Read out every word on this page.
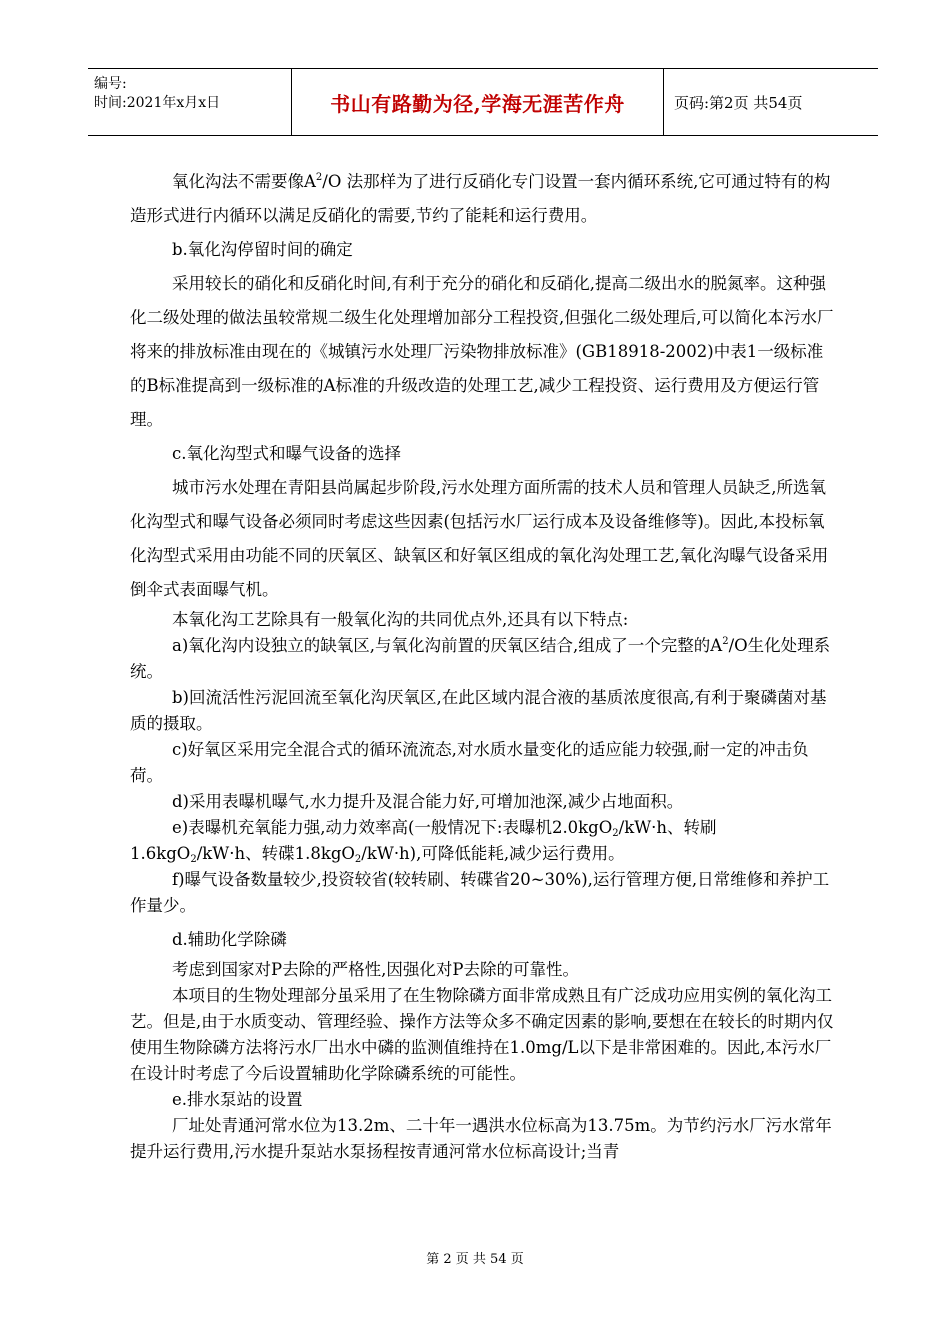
编号:
时间:2021年x月x日	书山有路勤为径,学海无涯苦作舟	页码:第2页 共54页

氧化沟法不需要像$A^2/O$ 法那样为了进行反硝化专门设置一套内循环系统,它可通过特有的构造形式进行内循环以满足反硝化的需要,节约了能耗和运行费用。

b.氧化沟停留时间的确定

采用较长的硝化和反硝化时间,有利于充分的硝化和反硝化,提高二级出水的脱氮率。这种强化二级处理的做法虽较常规二级生化处理增加部分工程投资,但强化二级处理后,可以简化本污水厂将来的排放标准由现在的《城镇污水处理厂污染物排放标准》(GB18918-2002)中表1一级标准的B标准提高到一级标准的A标准的升级改造的处理工艺,减少工程投资、运行费用及方便运行管理。

c.氧化沟型式和曝气设备的选择

城市污水处理在青阳县尚属起步阶段,污水处理方面所需的技术人员和管理人员缺乏,所选氧化沟型式和曝气设备必须同时考虑这些因素(包括污水厂运行成本及设备维修等)。因此,本投标氧化沟型式采用由功能不同的厌氧区、缺氧区和好氧区组成的氧化沟处理工艺,氧化沟曝气设备采用倒伞式表面曝气机。

本氧化沟工艺除具有一般氧化沟的共同优点外,还具有以下特点:

a)氧化沟内设独立的缺氧区,与氧化沟前置的厌氧区结合,组成了一个完整的$A^2/O$生化处理系统。

b)回流活性污泥回流至氧化沟厌氧区,在此区域内混合液的基质浓度很高,有利于聚磷菌对基质的摄取。

c)好氧区采用完全混合式的循环流流态,对水质水量变化的适应能力较强,耐一定的冲击负荷。

d)采用表曝机曝气,水力提升及混合能力好,可增加池深,减少占地面积。

e)表曝机充氧能力强,动力效率高(一般情况下:表曝机2.0kgO$_2$/kW·h、转刷1.6kgO$_2$/kW·h、转碟1.8kgO$_2$/kW·h),可降低能耗,减少运行费用。

f)曝气设备数量较少,投资较省(较转刷、转碟省20~30%),运行管理方便,日常维修和养护工作量少。

d.辅助化学除磷

考虑到国家对P去除的严格性,因强化对P去除的可靠性。

本项目的生物处理部分虽采用了在生物除磷方面非常成熟且有广泛成功应用实例的氧化沟工艺。但是,由于水质变动、管理经验、操作方法等众多不确定因素的影响,要想在在较长的时期内仅使用生物除磷方法将污水厂出水中磷的监测值维持在1.0mg/L以下是非常困难的。因此,本污水厂在设计时考虑了今后设置辅助化学除磷系统的可能性。

e.排水泵站的设置

厂址处青通河常水位为13.2m、二十年一遇洪水位标高为13.75m。为节约污水厂污水常年提升运行费用,污水提升泵站水泵扬程按青通河常水位标高设计;当青

第 2 页 共 54 页
